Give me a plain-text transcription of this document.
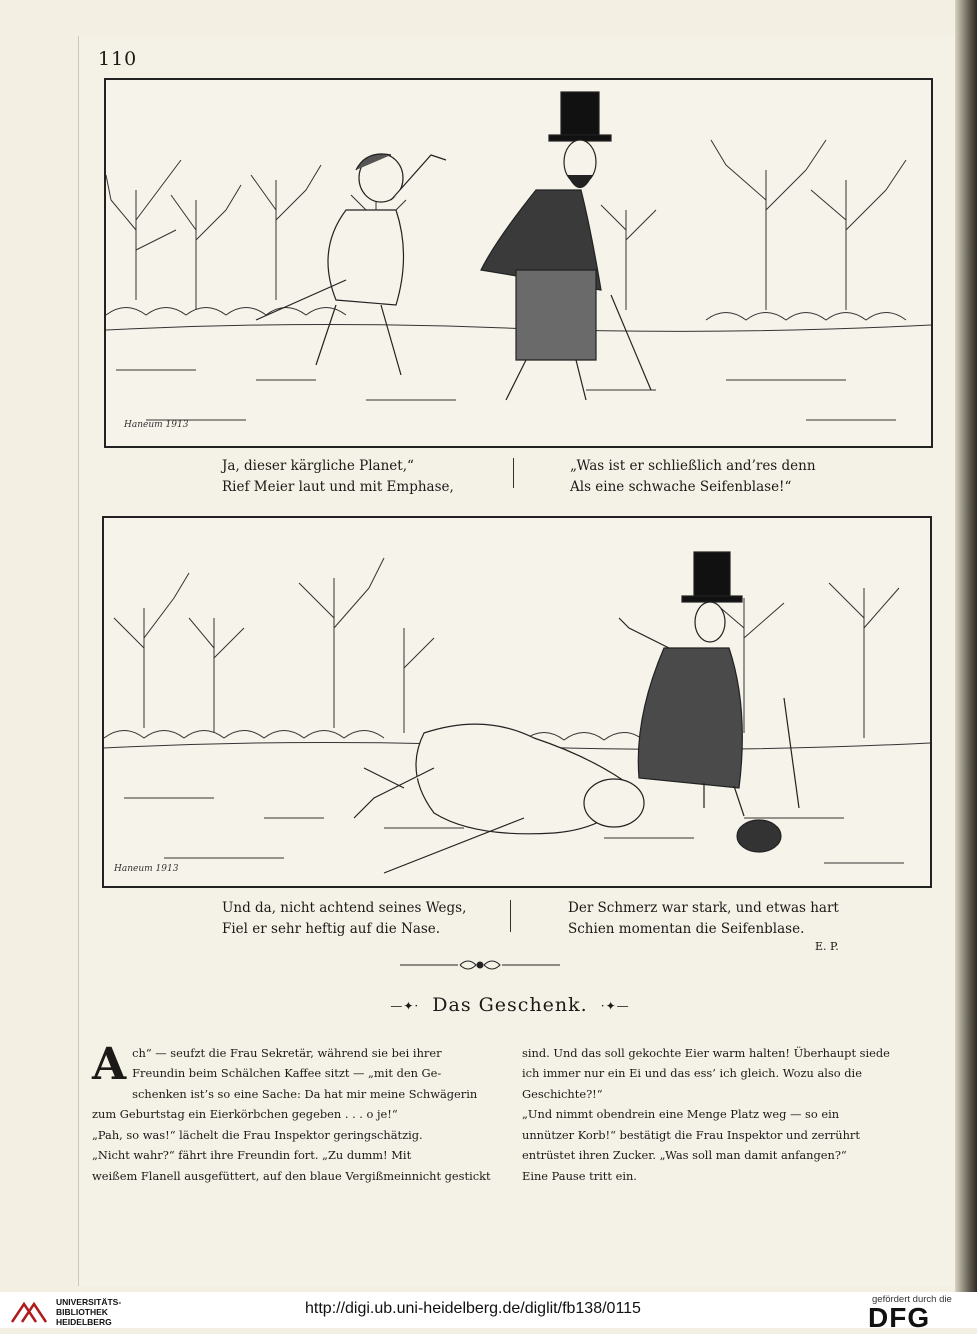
110
Haneum 1913
Ja, dieser kärgliche Planet,“
Rief Meier laut und mit Emphase,
„Was ist er schließlich and’res denn
Als eine schwache Seifenblase!“
Haneum 1913
Und da, nicht achtend seines Wegs,
Fiel er sehr heftig auf die Nase.
Der Schmerz war stark, und etwas hart
Schien momentan die Seifenblase.
E. P.
—✦· Das Geschenk. ·✦—

Ach“ — seufzt die Frau Sekretär, während sie bei ihrer
Freundin beim Schälchen Kaffee sitzt — „mit den Ge-
schenken ist’s so eine Sache: Da hat mir meine Schwägerin
zum Geburtstag ein Eierkörbchen gegeben . . . o je!“
„Pah, so was!“ lächelt die Frau Inspektor geringschätzig.
„Nicht wahr?“ fährt ihre Freundin fort. „Zu dumm! Mit
weißem Flanell ausgefüttert, auf den blaue Vergißmeinnicht gestickt

sind. Und das soll gekochte Eier warm halten! Überhaupt siede
ich immer nur ein Ei und das ess’ ich gleich. Wozu also die
Geschichte?!“
„Und nimmt obendrein eine Menge Platz weg — so ein
unnützer Korb!“ bestätigt die Frau Inspektor und zerrührt
entrüstet ihren Zucker. „Was soll man damit anfangen?“
Eine Pause tritt ein.

http://digi.ub.uni-heidelberg.de/diglit/fb138/0115
UNIVERSITÄTS-
BIBLIOTHEK
HEIDELBERG
gefördert durch die
DFG
